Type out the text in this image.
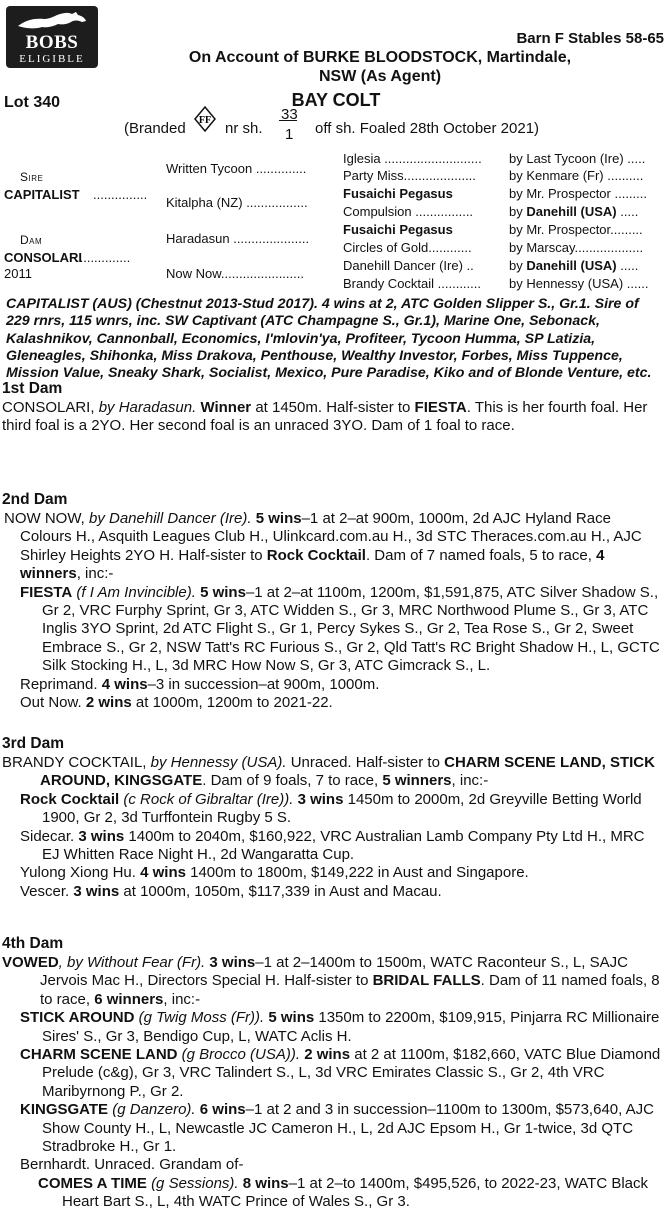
BOBS
ELIGIBLE
Barn F Stables 58-65
On Account of BURKE BLOODSTOCK, Martindale,
NSW (As Agent)
Lot 340	BAY COLT
(Branded FF nr sh.
33
1 off sh. Foaled 28th October 2021)
Sire
CAPITALIST ...............
Dam
CONSOLARI
...............
2011
Written Tycoon ..............
Kitalpha (NZ) .................
Haradasun .....................
Now Now.......................
Iglesia ........................... by Last Tycoon (Ire) .....
Party Miss....................	by Kenmare (Fr) ..........
Fusaichi Pegasus	by Mr. Prospector .........
Compulsion ................	by Danehill (USA) .....
Fusaichi Pegasus	by Mr. Prospector.........
Circles of Gold............	by Marscay...................
Danehill Dancer (Ire) ..	by Danehill (USA) .....
Brandy Cocktail ............ by Hennessy (USA) ......
CAPITALIST (AUS) (Chestnut 2013-Stud 2017). 4 wins at 2, ATC Golden Slipper S., Gr.1. Sire of 229 rnrs, 115 wnrs, inc. SW Captivant (ATC Champagne S., Gr.1), Marine One, Sebonack, Kalashnikov, Cannonball, Economics, I'mlovin'ya, Profiteer, Tycoon Humma, SP Latizia, Gleneagles, Shihonka, Miss Drakova, Penthouse, Wealthy Investor, Forbes, Miss Tuppence, Mission Value, Sneaky Shark, Socialist, Mexico, Pure Paradise, Kiko and of Blonde Venture, etc.
1st Dam
CONSOLARI, by Haradasun. Winner at 1450m. Half-sister to FIESTA. This is her fourth foal. Her third foal is a 2YO. Her second foal is an unraced 3YO. Dam of 1 foal to race.
2nd Dam
NOW NOW, by Danehill Dancer (Ire). 5 wins–1 at 2–at 900m, 1000m, 2d AJC Hyland Race Colours H., Asquith Leagues Club H., Ulinkcard.com.au H., 3d STC Theraces.com.au H., AJC Shirley Heights 2YO H. Half-sister to Rock Cocktail. Dam of 7 named foals, 5 to race, 4 winners, inc:-
FIESTA (f I Am Invincible). 5 wins–1 at 2–at 1100m, 1200m, $1,591,875, ATC Silver Shadow S., Gr 2, VRC Furphy Sprint, Gr 3, ATC Widden S., Gr 3, MRC Northwood Plume S., Gr 3, ATC Inglis 3YO Sprint, 2d ATC Flight S., Gr 1, Percy Sykes S., Gr 2, Tea Rose S., Gr 2, Sweet Embrace S., Gr 2, NSW Tatt's RC Furious S., Gr 2, Qld Tatt's RC Bright Shadow H., L, GCTC Silk Stocking H., L, 3d MRC How Now S, Gr 3, ATC Gimcrack S., L.
Reprimand. 4 wins–3 in succession–at 900m, 1000m.
Out Now. 2 wins at 1000m, 1200m to 2021-22.
3rd Dam
BRANDY COCKTAIL, by Hennessy (USA). Unraced. Half-sister to CHARM SCENE LAND, STICK AROUND, KINGSGATE. Dam of 9 foals, 7 to race, 5 winners, inc:-
Rock Cocktail (c Rock of Gibraltar (Ire)). 3 wins 1450m to 2000m, 2d Greyville Betting World 1900, Gr 2, 3d Turffontein Rugby 5 S.
Sidecar. 3 wins 1400m to 2040m, $160,922, VRC Australian Lamb Company Pty Ltd H., MRC EJ Whitten Race Night H., 2d Wangaratta Cup.
Yulong Xiong Hu. 4 wins 1400m to 1800m, $149,222 in Aust and Singapore.
Vescer. 3 wins at 1000m, 1050m, $117,339 in Aust and Macau.
4th Dam
VOWED, by Without Fear (Fr). 3 wins–1 at 2–1400m to 1500m, WATC Raconteur S., L, SAJC Jervois Mac H., Directors Special H. Half-sister to BRIDAL FALLS. Dam of 11 named foals, 8 to race, 6 winners, inc:-
STICK AROUND (g Twig Moss (Fr)). 5 wins 1350m to 2200m, $109,915, Pinjarra RC Millionaire Sires' S., Gr 3, Bendigo Cup, L, WATC Aclis H.
CHARM SCENE LAND (g Brocco (USA)). 2 wins at 2 at 1100m, $182,660, VATC Blue Diamond Prelude (c&g), Gr 3, VRC Talindert S., L, 3d VRC Emirates Classic S., Gr 2, 4th VRC Maribyrnong P., Gr 2.
KINGSGATE (g Danzero). 6 wins–1 at 2 and 3 in succession–1100m to 1300m, $573,640, AJC Show County H., L, Newcastle JC Cameron H., L, 2d AJC Epsom H., Gr 1-twice, 3d QTC Stradbroke H., Gr 1.
Bernhardt. Unraced. Grandam of-
COMES A TIME (g Sessions). 8 wins–1 at 2–to 1400m, $495,526, to 2022-23, WATC Black Heart Bart S., L, 4th WATC Prince of Wales S., Gr 3.
